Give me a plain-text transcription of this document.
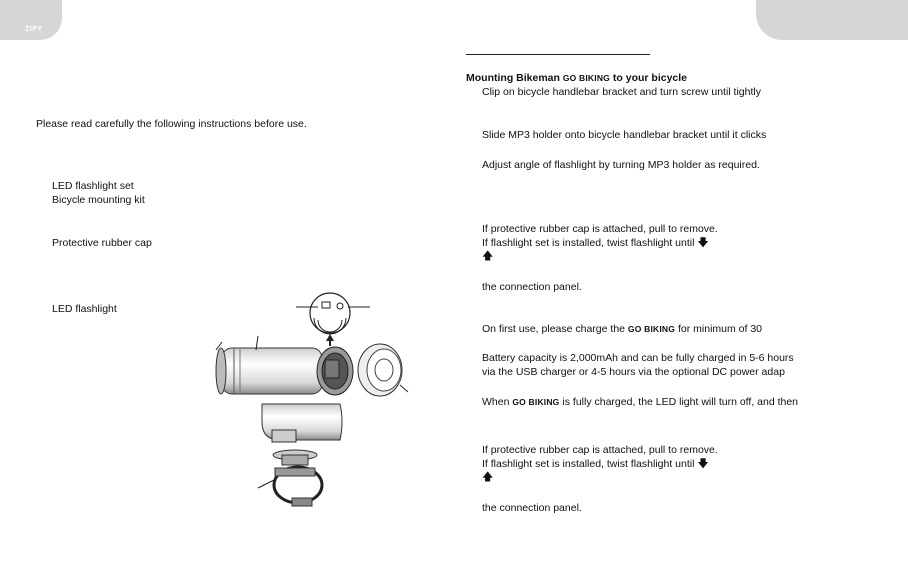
ZIPY
Please read carefully the following instructions before use.
LED flashlight set
Bicycle mounting kit
Protective rubber cap
LED flashlight
Mounting Bikeman GO BIKING to your bicycle
Clip on bicycle handlebar bracket and turn screw until tightly
Slide MP3 holder onto bicycle handlebar bracket until it clicks
Adjust angle of flashlight by turning MP3 holder as required.
If protective rubber cap is attached, pull to remove.
If flashlight set is installed, twist flashlight until 🡇
🡅
the connection panel.
On first use, please charge the GO BIKING for minimum of 30
Battery capacity is 2,000mAh and can be fully charged in 5-6 hours
via the USB charger or 4-5 hours via the optional DC power adap
When GO BIKING is fully charged, the LED light will turn off, and then
If protective rubber cap is attached, pull to remove.
If flashlight set is installed, twist flashlight until 🡇
🡅
the connection panel.
